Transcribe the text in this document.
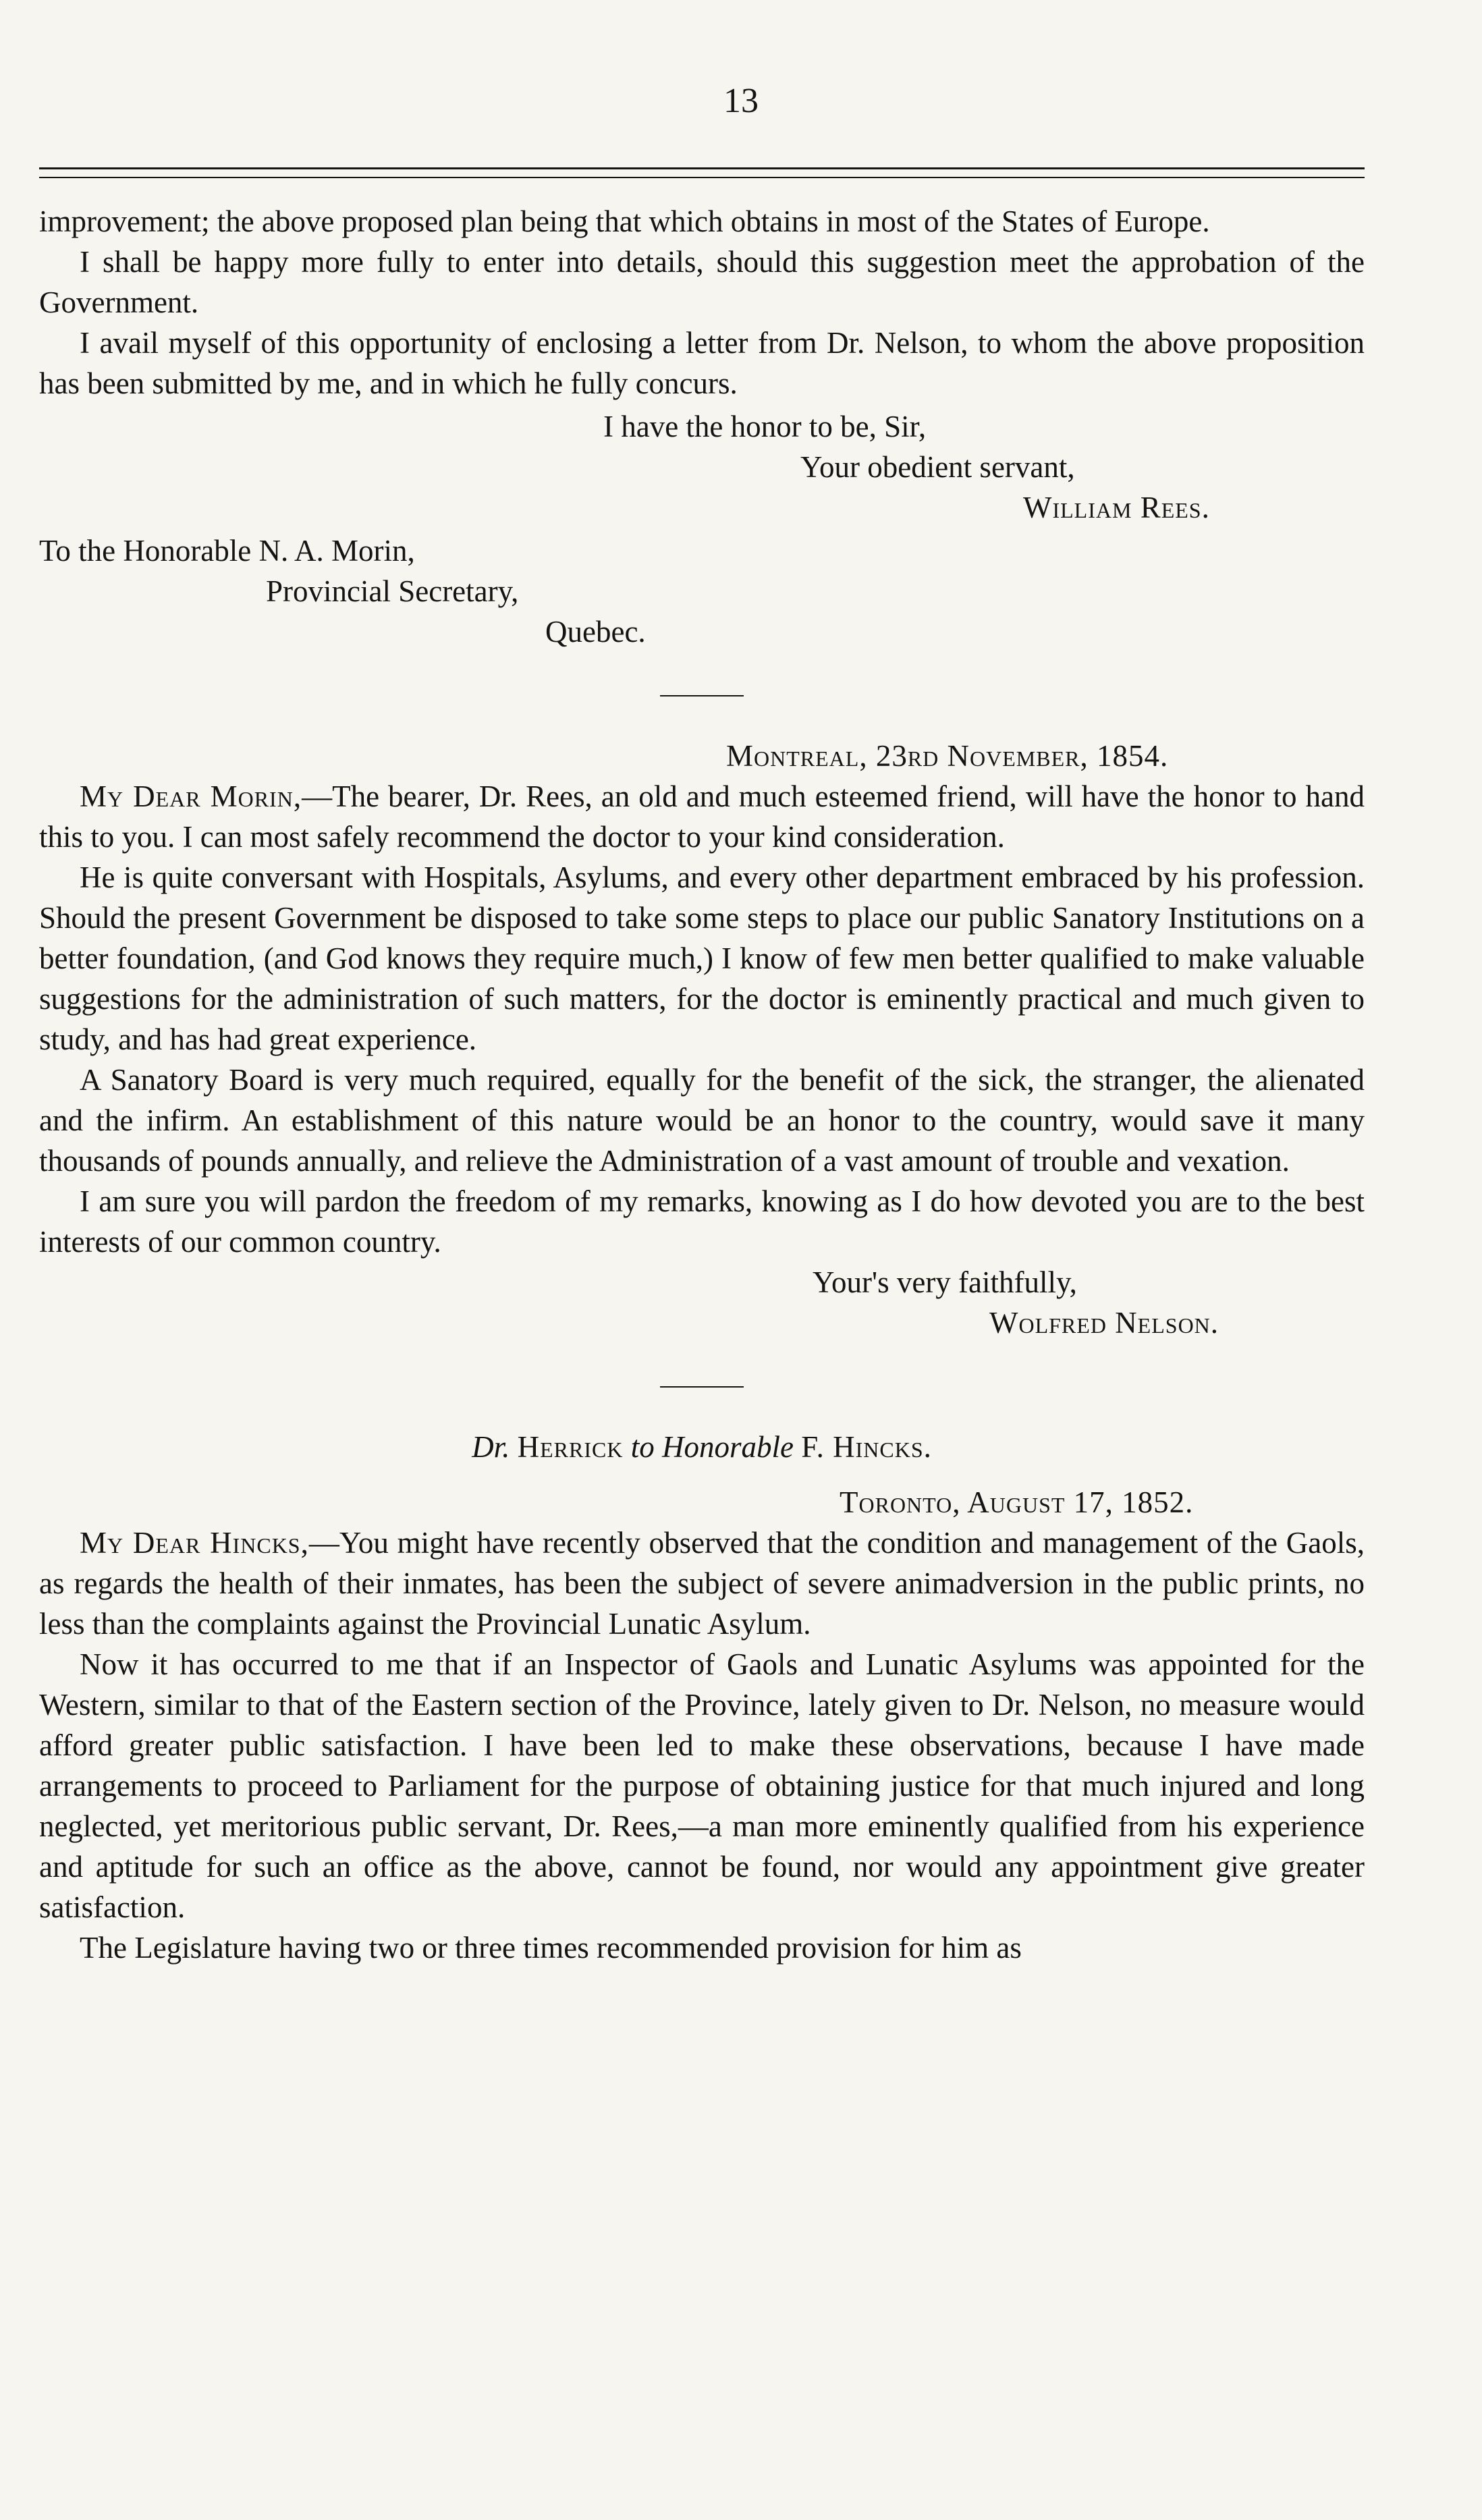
13

improvement; the above proposed plan being that which obtains in most of the States of Europe.

I shall be happy more fully to enter into details, should this suggestion meet the approbation of the Government.

I avail myself of this opportunity of enclosing a letter from Dr. Nelson, to whom the above proposition has been submitted by me, and in which he fully concurs.

I have the honor to be, Sir,

Your obedient servant,

William Rees.

To the Honorable N. A. Morin,

Provincial Secretary,

Quebec.

Montreal, 23rd November, 1854.

My Dear Morin,—The bearer, Dr. Rees, an old and much esteemed friend, will have the honor to hand this to you. I can most safely recommend the doctor to your kind consideration.

He is quite conversant with Hospitals, Asylums, and every other department embraced by his profession. Should the present Government be disposed to take some steps to place our public Sanatory Institutions on a better foundation, (and God knows they require much,) I know of few men better qualified to make valuable suggestions for the administration of such matters, for the doctor is eminently practical and much given to study, and has had great experience.

A Sanatory Board is very much required, equally for the benefit of the sick, the stranger, the alienated and the infirm. An establishment of this nature would be an honor to the country, would save it many thousands of pounds annually, and relieve the Administration of a vast amount of trouble and vexation.

I am sure you will pardon the freedom of my remarks, knowing as I do how devoted you are to the best interests of our common country.

Your's very faithfully,

Wolfred Nelson.

Dr. Herrick to Honorable F. Hincks.

Toronto, August 17, 1852.

My Dear Hincks,—You might have recently observed that the condition and management of the Gaols, as regards the health of their inmates, has been the subject of severe animadversion in the public prints, no less than the complaints against the Provincial Lunatic Asylum.

Now it has occurred to me that if an Inspector of Gaols and Lunatic Asylums was appointed for the Western, similar to that of the Eastern section of the Province, lately given to Dr. Nelson, no measure would afford greater public satisfaction. I have been led to make these observations, because I have made arrangements to proceed to Parliament for the purpose of obtaining justice for that much injured and long neglected, yet meritorious public servant, Dr. Rees,—a man more eminently qualified from his experience and aptitude for such an office as the above, cannot be found, nor would any appointment give greater satisfaction.

The Legislature having two or three times recommended provision for him as
